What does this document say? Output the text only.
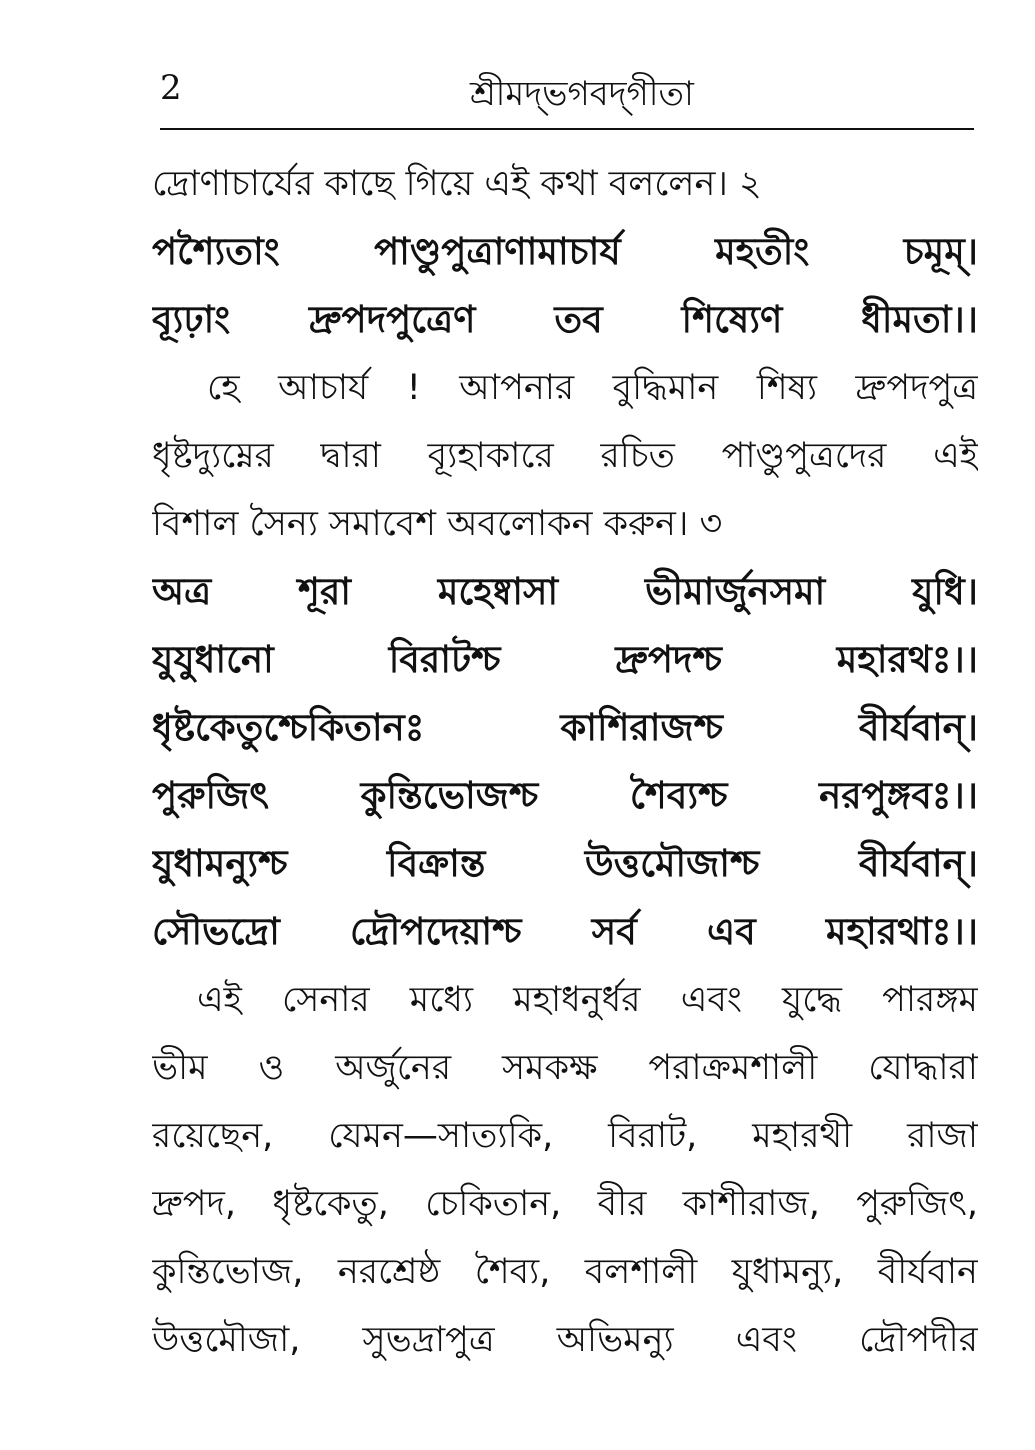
2	শ্রীমদ্‌ভগবদ্‌গীতা
দ্রোণাচার্যের কাছে গিয়ে এই কথা বললেন। ২
পশ্যৈতাং	পাণ্ডুপুত্রাণামাচার্য	মহতীং	চমূম্‌।
ব্যূঢ়াং দ্রুপদপুত্রেণ তব শিষ্যেণ ধীমতা।।
হে আচার্য ! আপনার বুদ্ধিমান শিষ্য দ্রুপদপুত্র
ধৃষ্টদ্যুম্নের দ্বারা ব্যূহাকারে রচিত পাণ্ডুপুত্রদের এই
বিশাল সৈন্য সমাবেশ অবলোকন করুন। ৩
অত্র শূরা মহেষ্বাসা ভীমার্জুনসমা যুধি।
যুযুধানো	বিরাটশ্চ	দ্রুপদশ্চ	মহারথঃ।।
ধৃষ্টকেতুশ্চেকিতানঃ	কাশিরাজশ্চ	বীর্যবান্‌।
পুরুজিৎ কুন্তিভোজশ্চ শৈব্যশ্চ নরপুঙ্গবঃ।।
যুধামন্যুশ্চ	বিক্রান্ত	উত্তমৌজাশ্চ	বীর্যবান্‌।
সৌভদ্রো দ্রৌপদেয়াশ্চ সর্ব এব মহারথাঃ।।
এই সেনার মধ্যে মহাধনুর্ধর এবং যুদ্ধে পারঙ্গম
ভীম ও অর্জুনের সমকক্ষ পরাক্রমশালী যোদ্ধারা
রয়েছেন, যেমন—সাত্যকি, বিরাট, মহারথী রাজা
দ্রুপদ, ধৃষ্টকেতু, চেকিতান, বীর কাশীরাজ, পুরুজিৎ,
কুন্তিভোজ, নরশ্রেষ্ঠ শৈব্য, বলশালী যুধামন্যু, বীর্যবান
উত্তমৌজা, সুভদ্রাপুত্র অভিমন্যু এবং দ্রৌপদীর
